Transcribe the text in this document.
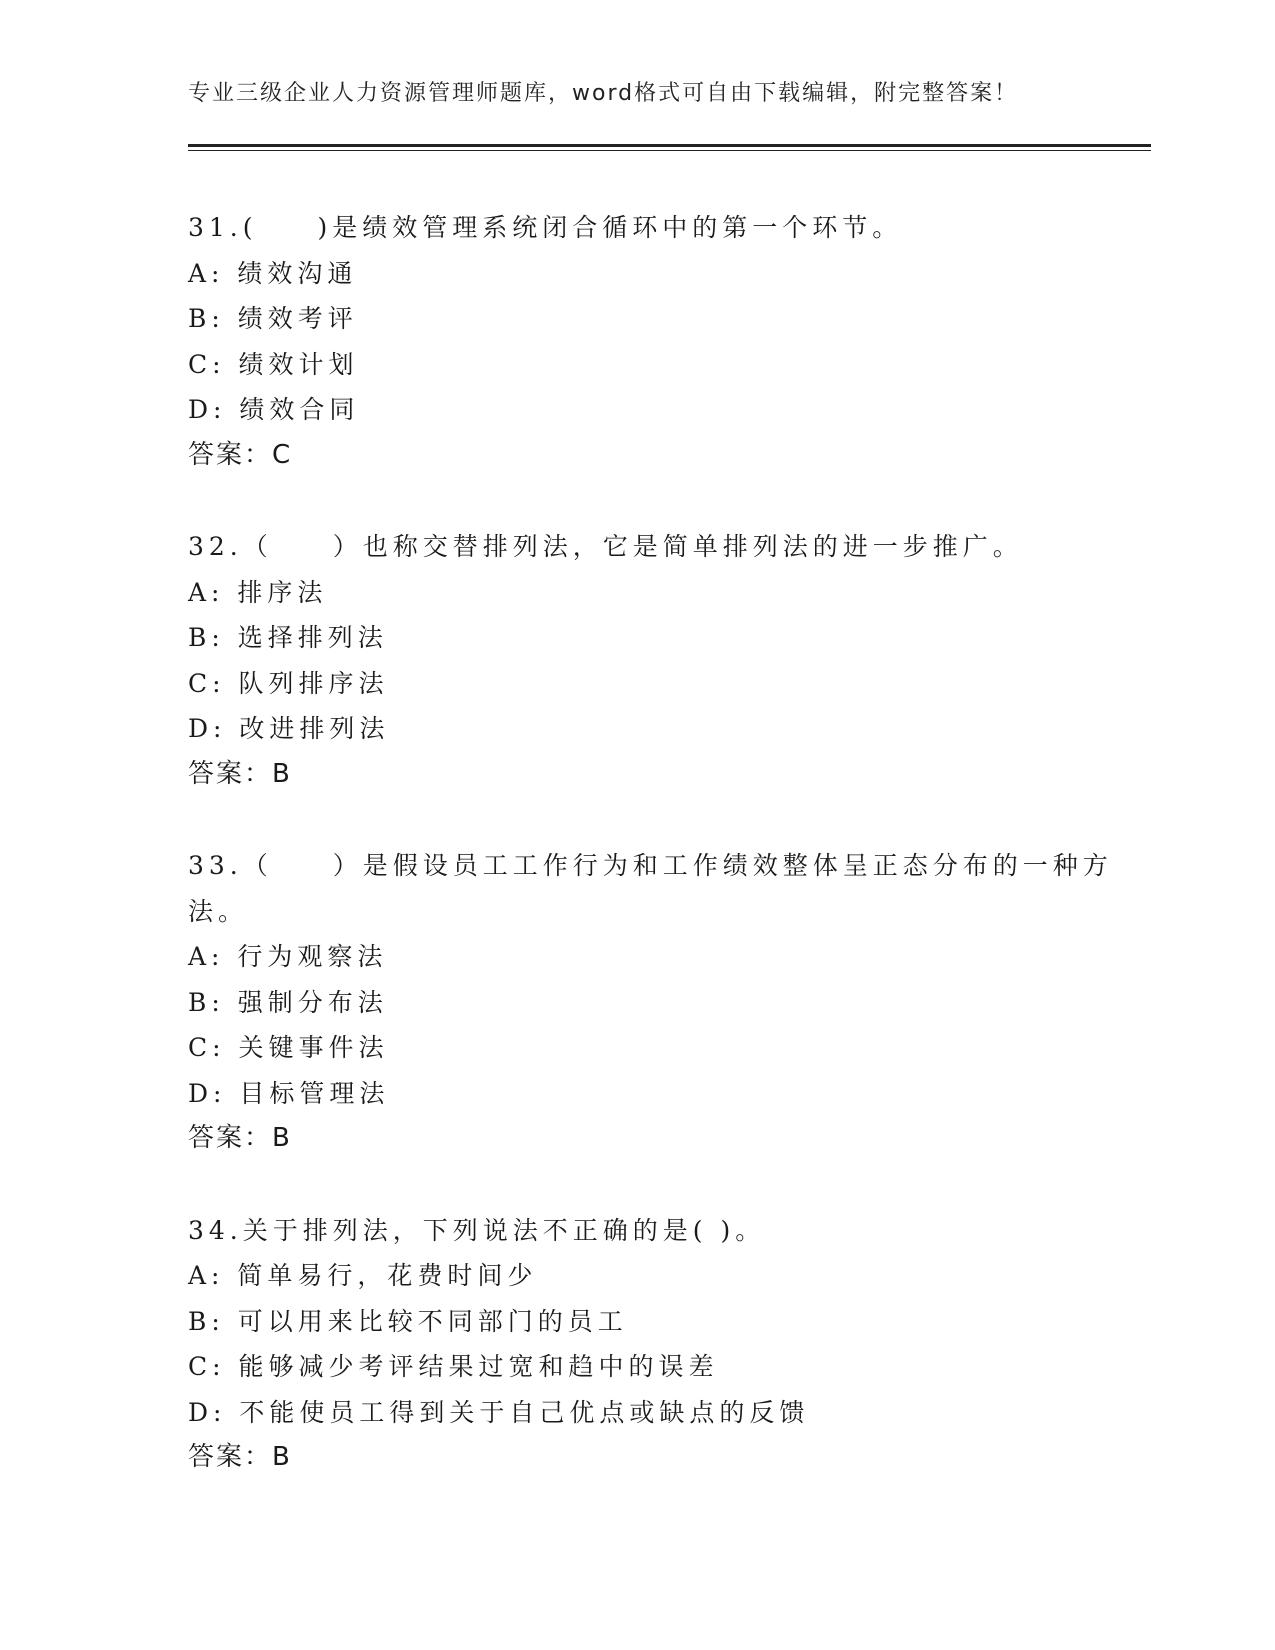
专业三级企业人力资源管理师题库，word格式可自由下载编辑，附完整答案！
31.(　　)是绩效管理系统闭合循环中的第一个环节。
A: 绩效沟通
B: 绩效考评
C: 绩效计划
D: 绩效合同
答案：C
32.（　　）也称交替排列法，它是简单排列法的进一步推广。
A: 排序法
B: 选择排列法
C: 队列排序法
D: 改进排列法
答案：B
33.（　　）是假设员工工作行为和工作绩效整体呈正态分布的一种方
法。
A: 行为观察法
B: 强制分布法
C: 关键事件法
D: 目标管理法
答案：B
34.关于排列法，下列说法不正确的是( )。
A: 简单易行，花费时间少
B: 可以用来比较不同部门的员工
C: 能够减少考评结果过宽和趋中的误差
D: 不能使员工得到关于自己优点或缺点的反馈
答案：B
